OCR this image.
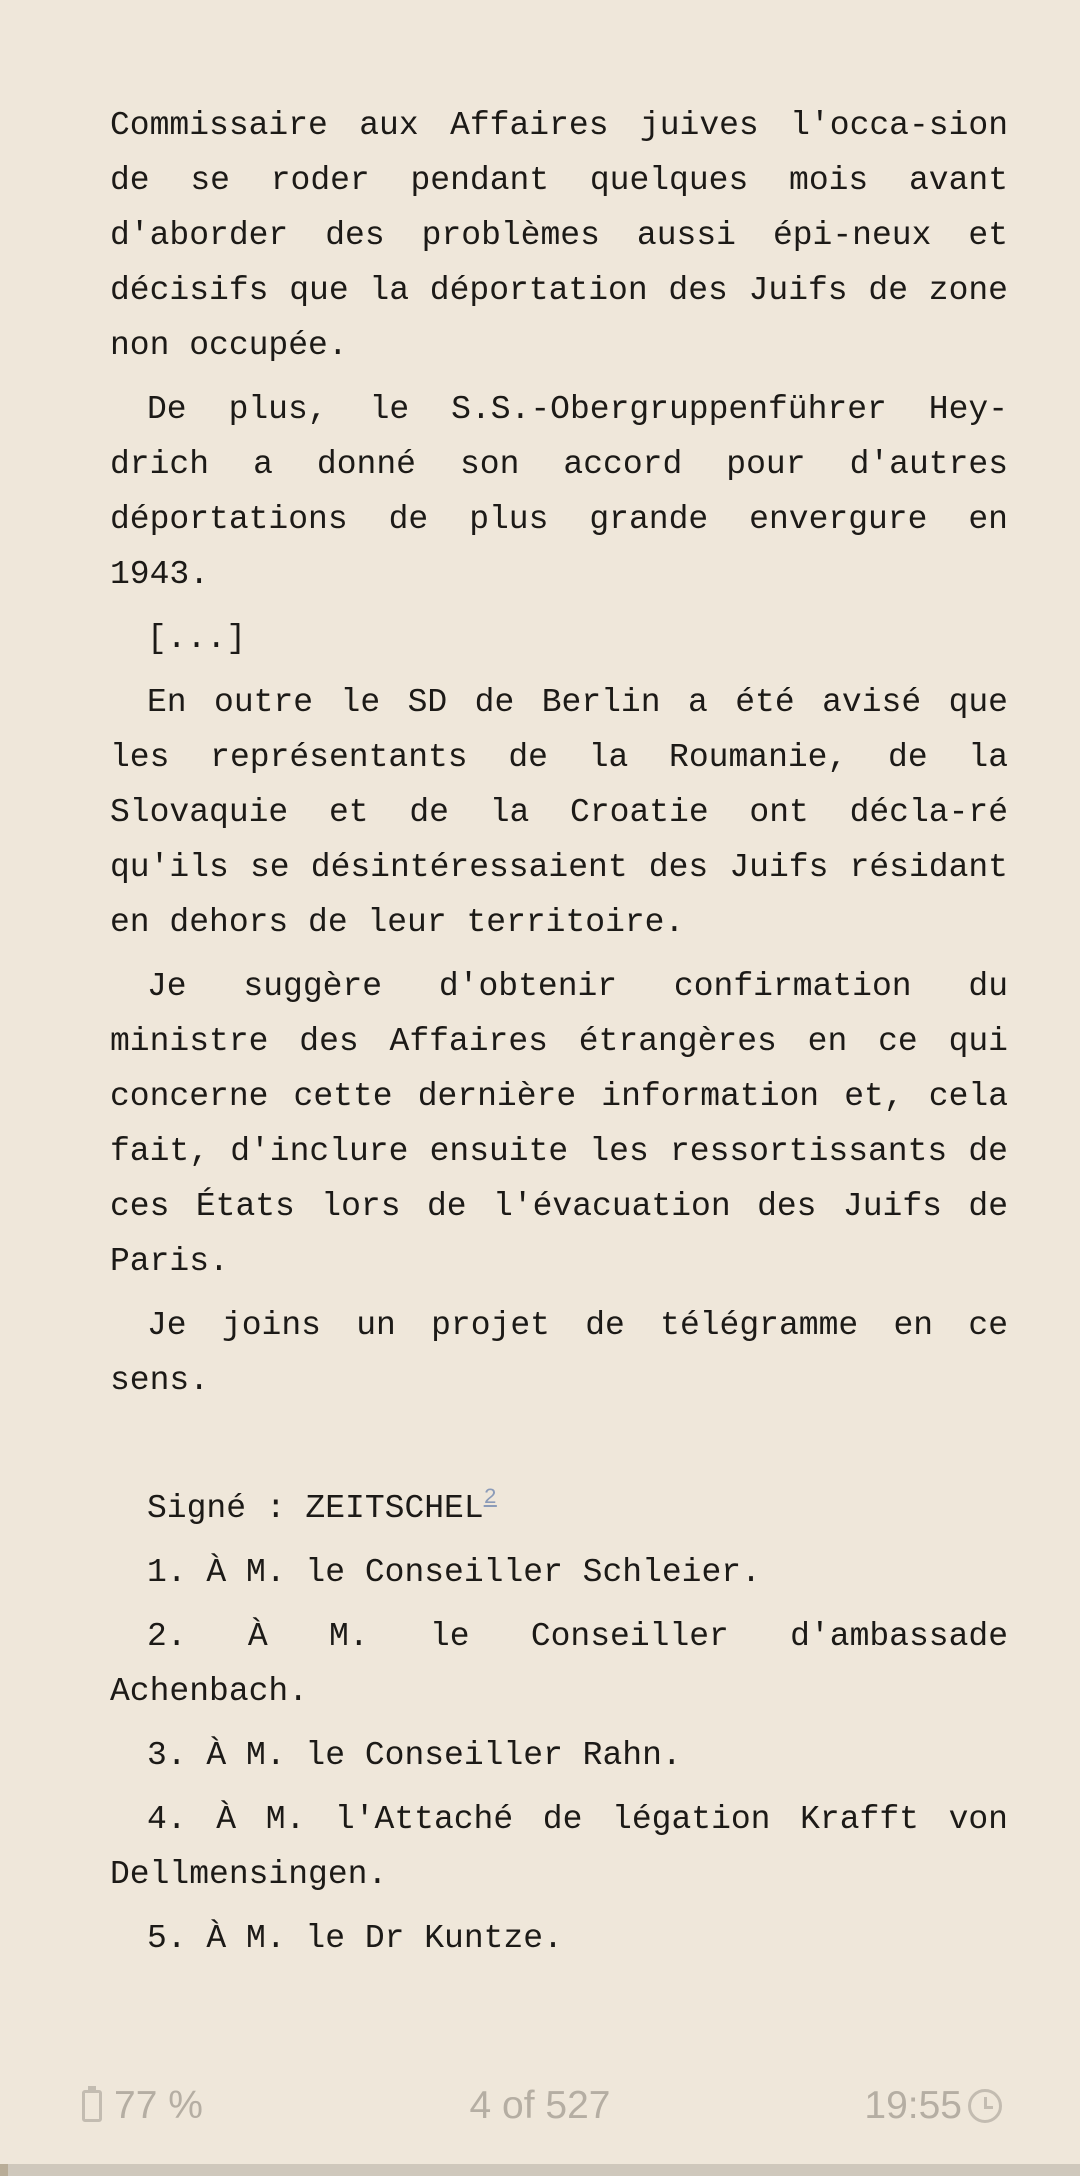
Commissaire aux Affaires juives l'occa-sion de se roder pendant quelques mois avant d'aborder des problèmes aussi épi-neux et décisifs que la déportation des Juifs de zone non occupée.

De plus, le S.S.-Obergruppenführer Hey-drich a donné son accord pour d'autres déportations de plus grande envergure en 1943.

[...]

En outre le SD de Berlin a été avisé que les représentants de la Roumanie, de la Slovaquie et de la Croatie ont décla-ré qu'ils se désintéressaient des Juifs résidant en dehors de leur territoire.

Je suggère d'obtenir confirmation du ministre des Affaires étrangères en ce qui concerne cette dernière information et, cela fait, d'inclure ensuite les ressortissants de ces États lors de l'évacuation des Juifs de Paris.

Je joins un projet de télégramme en ce sens.

Signé : ZEITSCHEL$^2$

1. À M. le Conseiller Schleier.

2. À M. le Conseiller d'ambassade Achenbach.

3. À M. le Conseiller Rahn.

4. À M. l'Attaché de légation Krafft von Dellmensingen.

5. À M. le Dr Kuntze.

77 %	4 of 527	19:55
